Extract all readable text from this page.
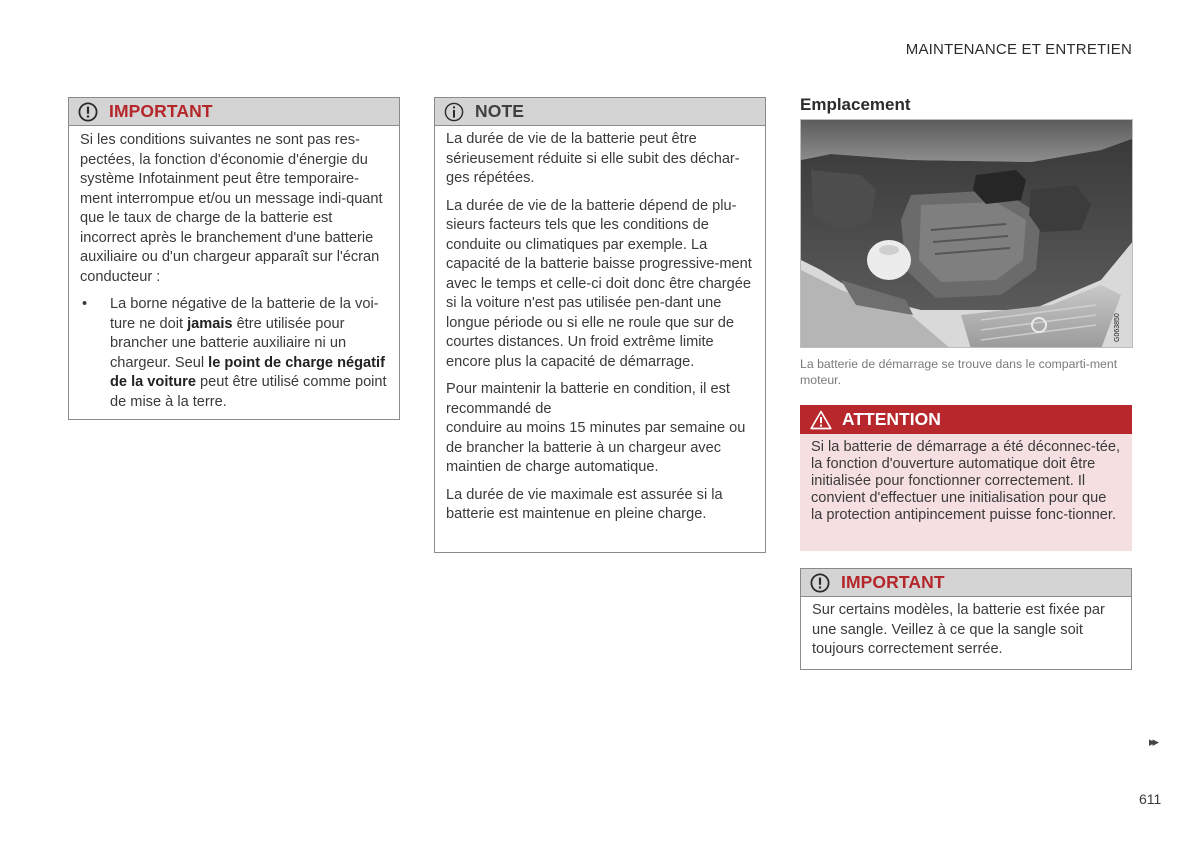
MAINTENANCE ET ENTRETIEN
IMPORTANT

Si les conditions suivantes ne sont pas res-pectées, la fonction d'économie d'énergie du système Infotainment peut être temporaire-ment interrompue et/ou un message indi-quant que le taux de charge de la batterie est incorrect après le branchement d'une batterie auxiliaire ou d'un chargeur apparaît sur l'écran conducteur :

•	La borne négative de la batterie de la voi-ture ne doit jamais être utilisée pour brancher une batterie auxiliaire ni un chargeur. Seul le point de charge négatif de la voiture peut être utilisé comme point de mise à la terre.
NOTE

La durée de vie de la batterie peut être sérieusement réduite si elle subit des déchar-ges répétées.

La durée de vie de la batterie dépend de plu-sieurs facteurs tels que les conditions de conduite ou climatiques par exemple. La capacité de la batterie baisse progressive-ment avec le temps et celle-ci doit donc être chargée si la voiture n'est pas utilisée pen-dant une longue période ou si elle ne roule que sur de courtes distances. Un froid extrême limite encore plus la capacité de démarrage.

Pour maintenir la batterie en condition, il est recommandé de
conduire au moins 15 minutes par semaine ou de brancher la batterie à un chargeur avec maintien de charge automatique.

La durée de vie maximale est assurée si la batterie est maintenue en pleine charge.

Emplacement
G063850
La batterie de démarrage se trouve dans le comparti-ment moteur.
ATTENTION
Si la batterie de démarrage a été déconnec-tée, la fonction d'ouverture automatique doit être initialisée pour fonctionner correctement. Il convient d'effectuer une initialisation pour que la protection antipincement puisse fonc-tionner.
IMPORTANT

Sur certains modèles, la batterie est fixée par une sangle. Veillez à ce que la sangle soit toujours correctement serrée.

▸▸
611
